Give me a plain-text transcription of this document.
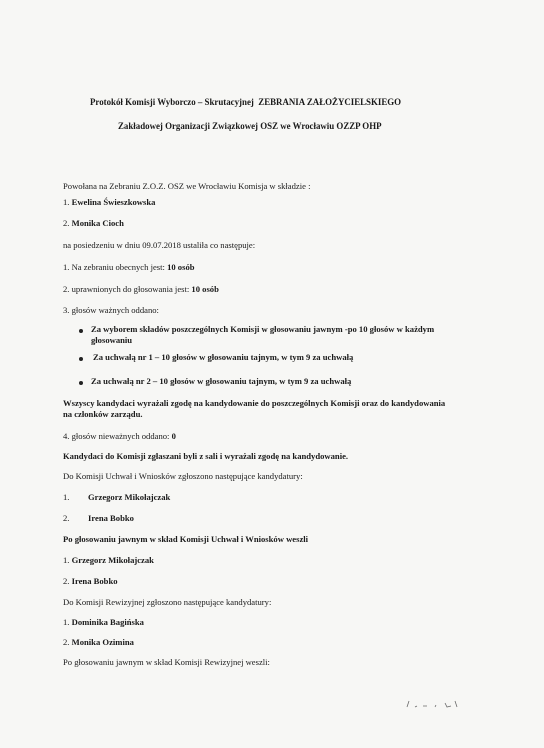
Protokół Komisji Wyborczo – Skrutacyjnej ZEBRANIA ZAŁOŻYCIELSKIEGO
Zakładowej Organizacji Związkowej OSZ we Wrocławiu OZZP OHP
Powołana na Zebraniu Z.O.Z. OSZ we Wrocławiu Komisja w składzie :
1. Ewelina Świeszkowska
2. Monika Cioch
na posiedzeniu w dniu 09.07.2018 ustaliła co następuje:
1. Na zebraniu obecnych jest: 10 osób
2. uprawnionych do głosowania jest: 10 osób
3. głosów ważnych oddano:
Za wyborem składów poszczególnych Komisji w głosowaniu jawnym -po 10 głosów w każdym głosowaniu
Za uchwałą nr 1 – 10 głosów w głosowaniu tajnym, w tym 9 za uchwałą
Za uchwałą nr 2 – 10 głosów w głosowaniu tajnym, w tym 9 za uchwałą
Wszyscy kandydaci wyrażali zgodę na kandydowanie do poszczególnych Komisji oraz do kandydowania na członków zarządu.
4. głosów nieważnych oddano: 0
Kandydaci do Komisji zgłaszani byli z sali i wyrażali zgodę na kandydowanie.
Do Komisji Uchwał i Wniosków zgłoszono następujące kandydatury:
1. Grzegorz Mikołajczak
2. Irena Bobko
Po głosowaniu jawnym w skład Komisji Uchwał i Wniosków weszli
1. Grzegorz Mikołajczak
2. Irena Bobko
Do Komisji Rewizyjnej zgłoszono następujące kandydatury:
1. Dominika Bagińska
2. Monika Ozimina
Po głosowaniu jawnym w skład Komisji Rewizyjnej weszli:
